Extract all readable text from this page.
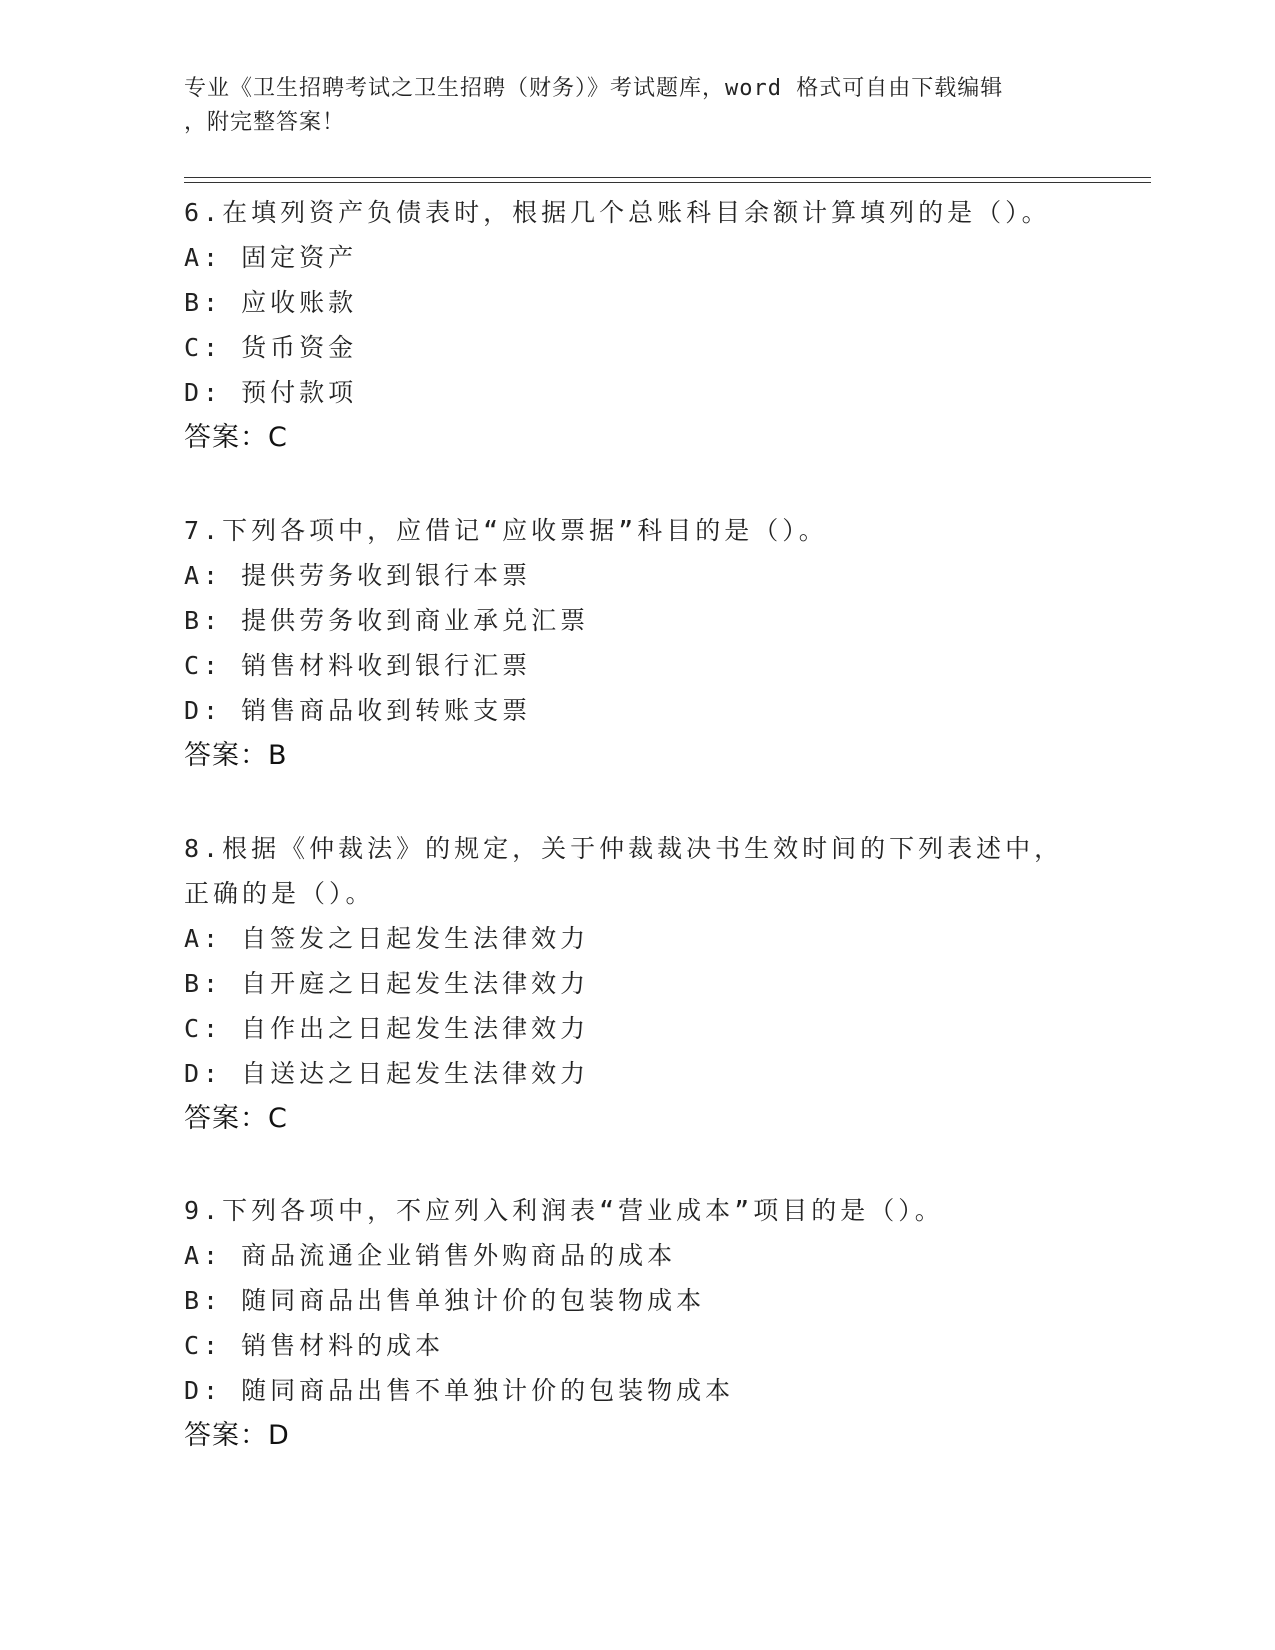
专业《卫生招聘考试之卫生招聘（财务）》考试题库，word 格式可自由下载编辑
，附完整答案！
6.在填列资产负债表时，根据几个总账科目余额计算填列的是（）。
A: 固定资产
B: 应收账款
C: 货币资金
D: 预付款项
答案：C
7.下列各项中，应借记“应收票据”科目的是（）。
A: 提供劳务收到银行本票
B: 提供劳务收到商业承兑汇票
C: 销售材料收到银行汇票
D: 销售商品收到转账支票
答案：B
8.根据《仲裁法》的规定，关于仲裁裁决书生效时间的下列表述中，
正确的是（）。
A: 自签发之日起发生法律效力
B: 自开庭之日起发生法律效力
C: 自作出之日起发生法律效力
D: 自送达之日起发生法律效力
答案：C
9.下列各项中，不应列入利润表“营业成本”项目的是（）。
A: 商品流通企业销售外购商品的成本
B: 随同商品出售单独计价的包装物成本
C: 销售材料的成本
D: 随同商品出售不单独计价的包装物成本
答案：D
